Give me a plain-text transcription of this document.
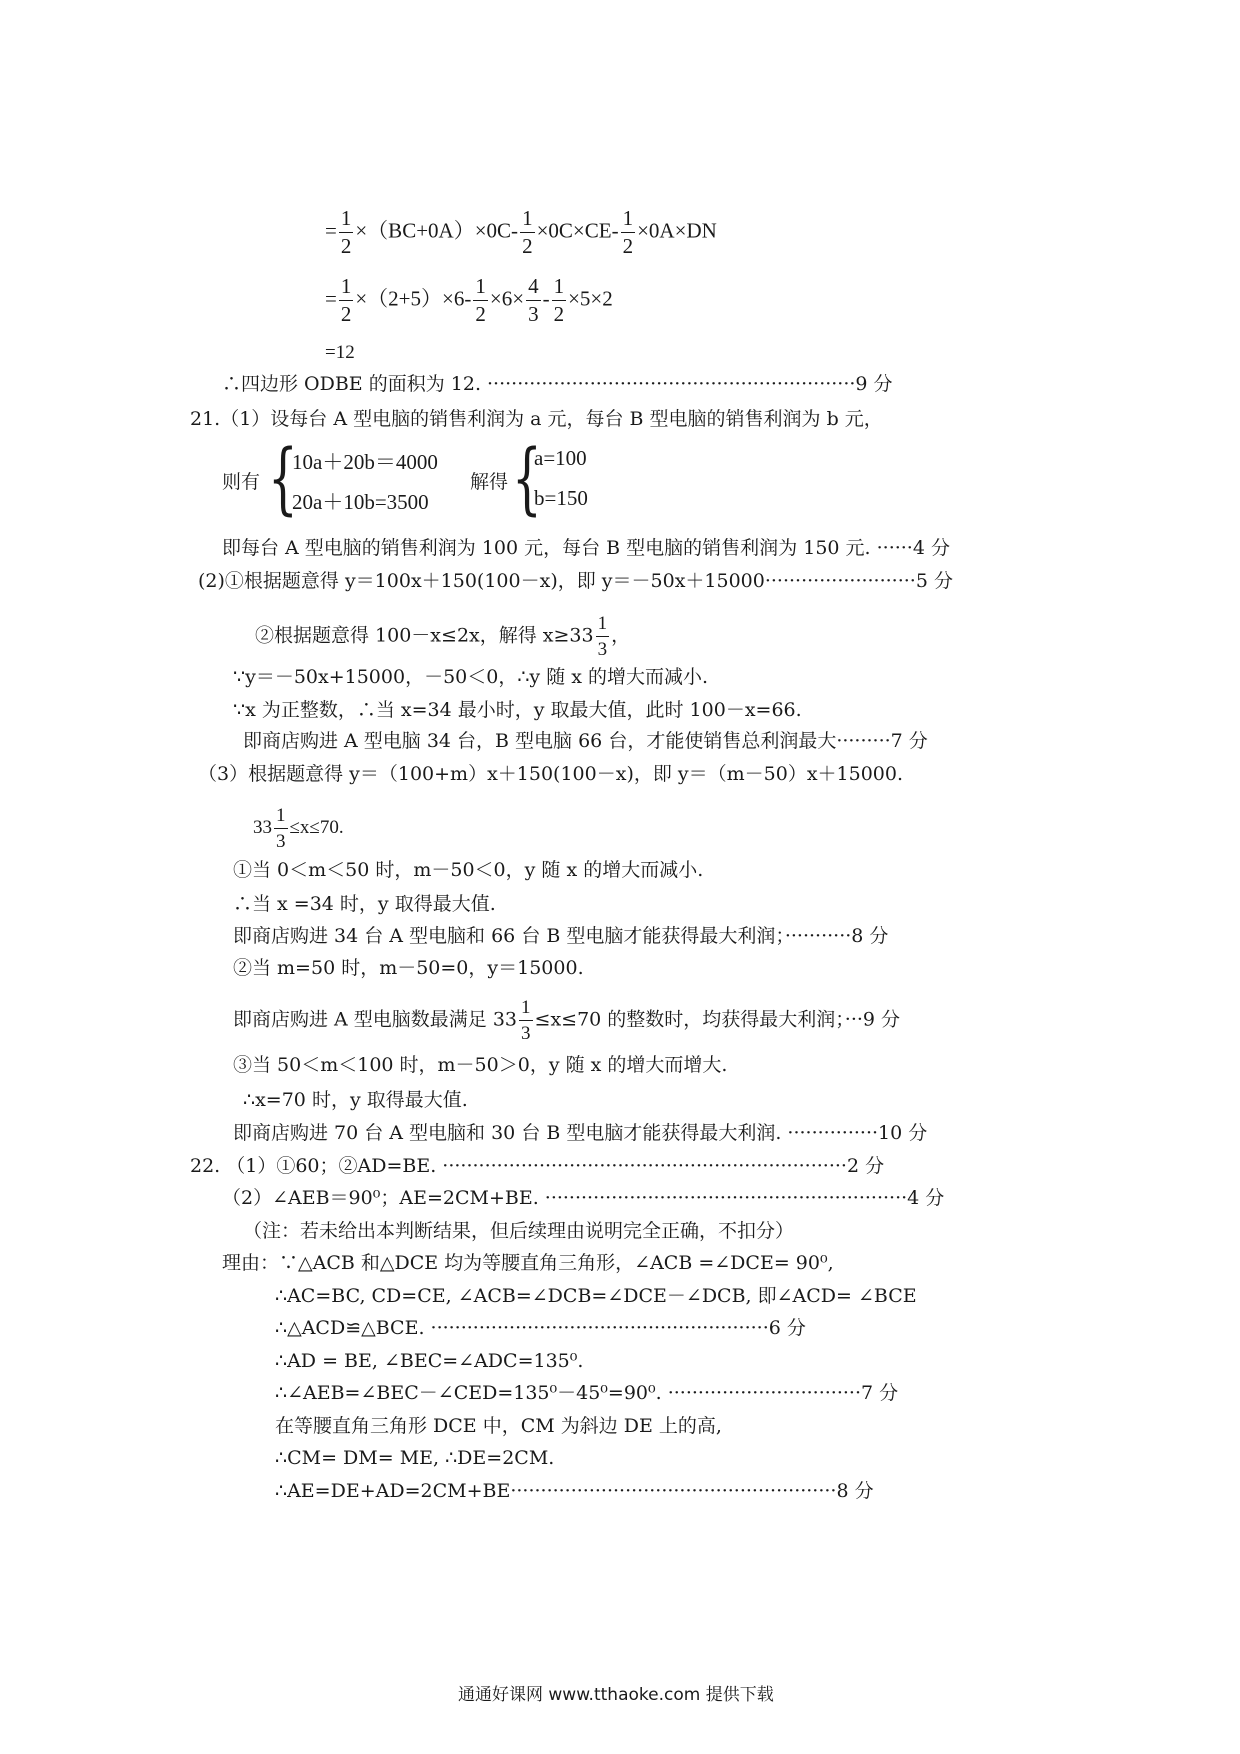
= $\frac{1}{2} \times(BC+0A)\times 0C- \frac{1}{2} \times 0C\times CE- \frac{1}{2} \times 0A\times DN$
= $\frac{1}{2} \times(2+5)\times 6- \frac{1}{2} \times 6\times \frac{4}{3} - \frac{1}{2} \times 5\times 2$
=12
∴四边形 ODBE 的面积为 12. ·····························································9 分
21.（1）设每台 A 型电脑的销售利润为 a 元，每台 B 型电脑的销售利润为 b 元，
则有 {
10a＋20b＝4000
20a＋10b=3500
解得 {
a=100
b=150
即每台 A 型电脑的销售利润为 100 元，每台 B 型电脑的销售利润为 150 元. ······4 分
(2)①根据题意得 y＝100x＋150(100－x)，即 y＝－50x＋15000·························5 分
②根据题意得 100－x≤2x，解得 $x\ge 33 \frac{1}{3}$ ，
∵y＝－50x+15000，－50＜0，∴y 随 x 的增大而减小.
∵x 为正整数，∴当 x=34 最小时，y 取最大值，此时 100－x=66.
即商店购进 A 型电脑 34 台，B 型电脑 66 台，才能使销售总利润最大·········7 分
（3）根据题意得 y＝（100+m）x＋150(100－x)，即 y＝（m－50）x＋15000.
$33 \frac{1}{3} \le x\le 70$.
①当 0＜m＜50 时，m－50＜0，y 随 x 的增大而减小.
∴当 x =34 时，y 取得最大值.
即商店购进 34 台 A 型电脑和 66 台 B 型电脑才能获得最大利润；···········8 分
②当 m=50 时，m－50=0，y＝15000.
即商店购进 A 型电脑数最满足 $33 \frac{1}{3} \le x\le 70$ 的整数时，均获得最大利润；···9 分
③当 50＜m＜100 时，m－50＞0，y 随 x 的增大而增大.
∴x=70 时，y 取得最大值.
即商店购进 70 台 A 型电脑和 30 台 B 型电脑才能获得最大利润. ···············10 分
22. （1）①60；②AD=BE. ···································································2 分
（2）∠AEB＝90⁰；AE=2CM+BE. ····························································4 分
（注：若未给出本判断结果，但后续理由说明完全正确，不扣分）
理由：∵△ACB 和△DCE 均为等腰直角三角形，∠ACB =∠DCE= 90⁰,
∴AC=BC, CD=CE, ∠ACB=∠DCB=∠DCE－∠DCB, 即∠ACD= ∠BCE
∴△ACD≌△BCE. ························································6 分
∴AD = BE, ∠BEC=∠ADC=135⁰.
∴∠AEB=∠BEC－∠CED=135⁰－45⁰=90⁰. ································7 分
在等腰直角三角形 DCE 中，CM 为斜边 DE 上的高,
∴CM= DM= ME, ∴DE=2CM.
∴AE=DE+AD=2CM+BE······················································8 分
通通好课网 www.tthaoke.com 提供下载
